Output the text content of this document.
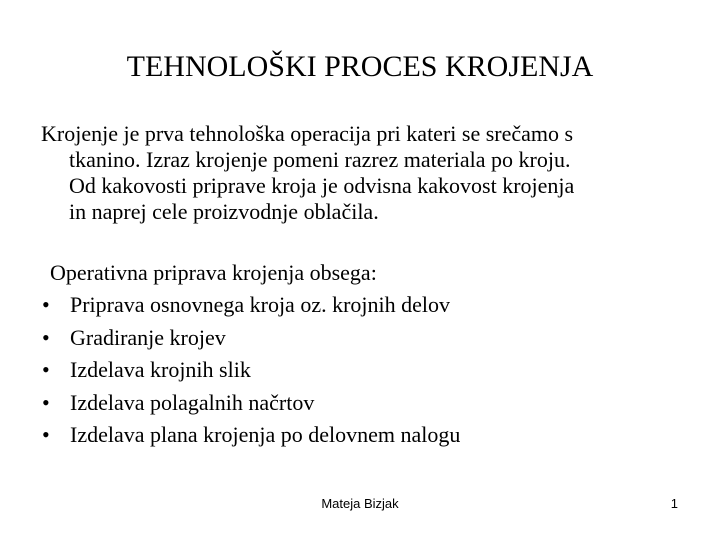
TEHNOLOŠKI PROCES KROJENJA
Krojenje je prva tehnološka operacija pri kateri se srečamo s
tkanino. Izraz krojenje pomeni razrez materiala po kroju.
Od kakovosti priprave kroja je odvisna kakovost krojenja
in naprej cele proizvodnje oblačila.
Operativna priprava krojenja obsega:
• Priprava osnovnega kroja oz. krojnih delov
• Gradiranje krojev
• Izdelava krojnih slik
• Izdelava polagalnih načrtov
• Izdelava plana krojenja po delovnem nalogu
Mateja Bizjak	1
